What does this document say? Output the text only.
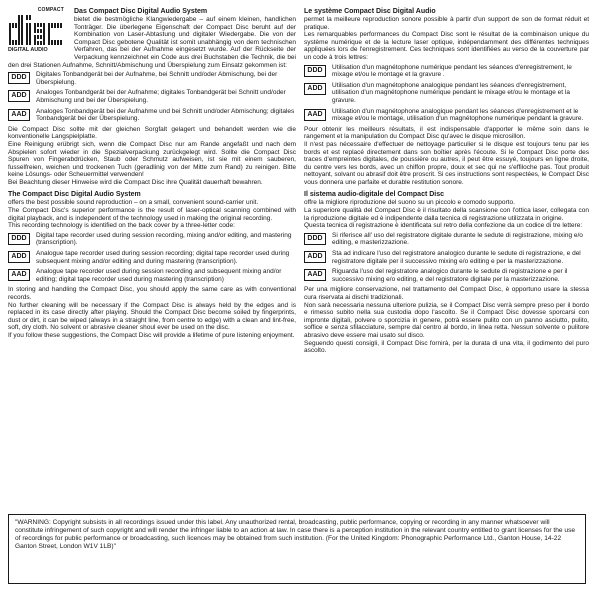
COMPACT
DIGITAL AUDIO
Das Compact Disc Digital Audio System

bietet die bestmögliche Klangwiedergabe – auf einem kleinen, handlichen Tonträger. Die überlegene Eigenschaft der Compact Disc beruht auf der Kombination von Laser-Abtastung und digitaler Wiedergabe. Die von der Compact Disc gebotene Qualität ist somit unabhängig von dem technischen Verfahren, das bei der Aufnahme eingesetzt wurde. Auf der Rückseite der Verpackung kennzeichnet ein Code aus drei Buchstaben die Technik, die bei den drei Stationen Aufnahme, Schnitt/Abmischung und Überspielung zum Einsatz gekommen ist:

DDD	Digitales Tonbandgerät bei der Aufnahme, bei Schnitt und/oder Abmischung, bei der Überspielung.

ADD	Analoges Tonbandgerät bei der Aufnahme; digitales Tonbandgerät bei Schnitt und/oder Abmischung und bei der Überspielung.

AAD	Analoges Tonbandgerät bei der Aufnahme und bei Schnitt und/oder Abmischung; digitales Tonbandgerät bei der Überspielung.

Die Compact Disc sollte mit der gleichen Sorgfalt gelagert und behandelt werden wie die konventionelle Langspielplatte.

Eine Reinigung erübrigt sich, wenn die Compact Disc nur am Rande angefaßt und nach dem Abspielen sofort wieder in die Spezialverpackung zurückgelegt wird. Sollte die Compact Disc Spuren von Fingerabdrücken, Staub oder Schmutz aufweisen, ist sie mit einem sauberen, fusselfreien, weichen und trockenen Tuch (geradlinig von der Mitte zum Rand) zu reinigen. Bitte keine Lösungs- oder Scheuermittel verwenden!

Bei Beachtung dieser Hinweise wird die Compact Disc ihre Qualität dauerhaft bewahren.

The Compact Disc Digital Audio System

offers the best possible sound reproduction – on a small, convenient sound-carrier unit.

The Compact Disc's superior performance is the result of laser-optical scanning combined with digital playback, and is independent of the technology used in making the original recording.

This recording technology is identified on the back cover by a three-letter code:

DDD	Digital tape recorder used during session recording, mixing and/or editing, and mastering (transcription).

ADD	Analogue tape recorder used during session recording; digital tape recorder used during subsequent mixing and/or editing and during mastering (transcription).

AAD	Analogue tape recorder used during session recording and subsequent mixing and/or editing; digital tape recorder used during mastering (transcription)

In storing and handling the Compact Disc, you should apply the same care as with conventional records.

No further cleaning will be necessary if the Compact Disc is always held by the edges and is replaced in its case directly after playing. Should the Compact Disc become soiled by fingerprints, dust or dirt, it can be wiped (always in a straight line, from centre to edge) with a clean and lint-free, soft, dry cloth. No solvent or abrasive cleaner shoul ever be used on the disc.

If you follow these suggestions, the Compact Disc will provide a lifetime of pure listening enjoyment.

Le système Compact Disc Digital Audio

permet la meilleure reproduction sonore possible à partir d'un support de son de format réduit et pratique.

Les remarquables performances du Compact Disc sont le résultat de la combinaison unique du système numérique et de la lecture laser optique, indépendamment des différentes techniques appliquées lors de l'enregistrement. Ces techniques sont identifiées au verso de la couverture par un code à trois lettres:

DDD	Utilisation d'un magnétophone numérique pendant les séances d'enregistrement, le mixage et/ou le montage et la gravure .

ADD	Utilisation d'un magnétophone analogique pendant les séances d'enregistrement, utilisation d'un magnétophone numérique pendant le mixage et/ou le montage et la gravure.

AAD	Utilisation d'un magnétophone analogique pendant les séances d'enregistrement et le mixage et/ou le montage, utilisation d'un magnétophone numérique pendant la gravure.

Pour obtenir les meilleurs résultats, il est indispensable d'apporter le même soin dans le rangement et la manipulation du Compact Disc qu'avec le disque microsillon.

Il n'est pas nécessaire d'effectuer de nettoyage particulier si le disque est toujours tenu par les bords et est replacé directement dans son boîtier après l'écoute. Si le Compact Disc porte des traces d'empreintes digitales, de poussière ou autres, il peut être essuyé, toujours en ligne droite, du centre vers les bords, avec un chiffon propre, doux et sec qui ne s'effiloche pas. Tout produit nettoyant, solvant ou abrasif doit être proscrit. Si ces instructions sont respectées, le Compact Disc vous donnera une parfaite et durable restitution sonore.

Il sistema audio-digitale del Compact Disc

offre la migliore riproduzione del suono su un piccolo e comodo supporto.

La superiore qualità del Compact Disc è il risultato della scansione con l'ottica laser, collegata con la riproduzione digitale ed è indipendente dalla tecnica di registrazione utilizzata in origine.

Questa tecnica di registrazione è identificata sul retro della confezione da un codice di tre lettere:

DDD	Si riferisce all' uso del registratore digitale durante le sedute di registrazione, mixing e/o editing, e masterizzazione.

ADD	Sta ad indicare l'uso del registratore analogico durante le sedute di registrazione, e del registratore digitale per il successivo mixing e/o editing e per la masterizzazione.

AAD	Riguarda l'uso del registratore analogico durante le sedute di registrazione e per il successivo mixing e/o editing, e del registratore digitale per la masterizzazione.

Per una migliore conservazione, nel trattamento del Compact Disc, è opportuno usare la stessa cura riservata ai dischi tradizionali.

Non sarà necessaria nessuna ulteriore pulizia, se il Compact Disc verrà sempre preso per il bordo e rimesso subito nella sua custodia dopo l'ascolto. Se il Compact Disc dovesse sporcarsi con impronte digitali, polvere o sporcizia in genere, potrà essere pulito con un panno asciutto, pulito, soffice e senza sfilacciature, sempre dal centro al bordo, in linea retta. Nessun solvente o pulitore abrasivo deve essere mai usato sul disco.

Seguendo questi consigli, il Compact Disc fornirà, per la durata di una vita, il godimento del puro ascolto.

"WARNING: Copyright subsists in all recordings issued under this label. Any unauthorized rental, broadcasting, public performance, copying or recording in any manner whatsoever will constitute infringement of such copyright and will render the infringer liable to an action at law. In case there is a perception institution in the relevant country entitled to grant licenses for the use of recordings for public performance or broadcasting, such licences may be obtained from such institution. (For the United Kingdom: Phonographic Performance Ltd., Ganton House, 14-22 Ganton Street, London W1V 1LB)"
